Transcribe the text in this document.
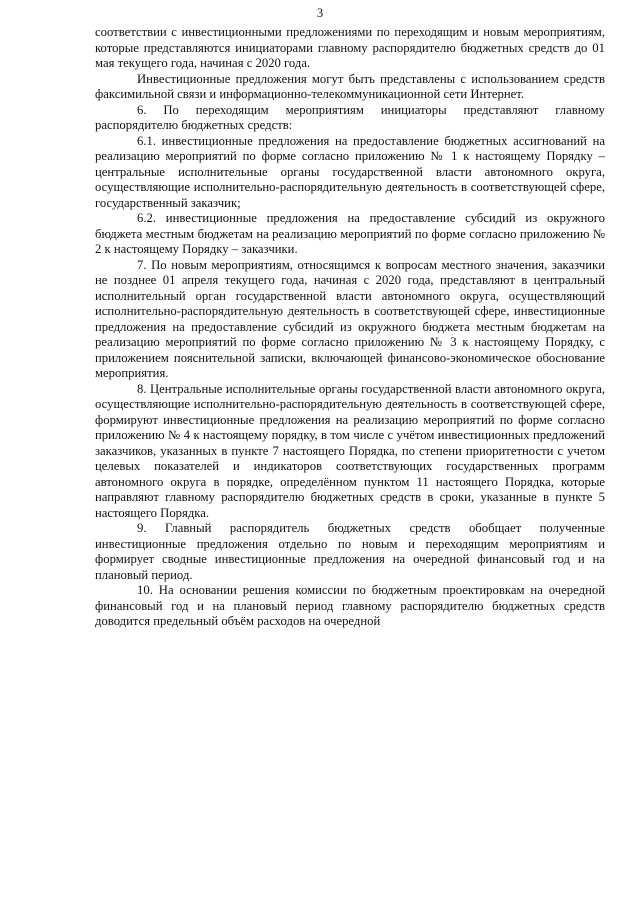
3

соответствии с инвестиционными предложениями по переходящим и новым мероприятиям, которые представляются инициаторами главному распорядителю бюджетных средств до 01 мая текущего года, начиная с 2020 года.

Инвестиционные предложения могут быть представлены с использованием средств факсимильной связи и информационно-телекоммуникационной сети Интернет.

6. По переходящим мероприятиям инициаторы представляют главному распорядителю бюджетных средств:

6.1. инвестиционные предложения на предоставление бюджетных ассигнований на реализацию мероприятий по форме согласно приложению № 1 к настоящему Порядку – центральные исполнительные органы государственной власти автономного округа, осуществляющие исполнительно-распорядительную деятельность в соответствующей сфере, государственный заказчик;

6.2. инвестиционные предложения на предоставление субсидий из окружного бюджета местным бюджетам на реализацию мероприятий по форме согласно приложению № 2 к настоящему Порядку – заказчики.

7. По новым мероприятиям, относящимся к вопросам местного значения, заказчики не позднее 01 апреля текущего года, начиная с 2020 года, представляют в центральный исполнительный орган государственной власти автономного округа, осуществляющий исполнительно-распорядительную деятельность в соответствующей сфере, инвестиционные предложения на предоставление субсидий из окружного бюджета местным бюджетам на реализацию мероприятий по форме согласно приложению № 3 к настоящему Порядку, с приложением пояснительной записки, включающей финансово-экономическое обоснование мероприятия.

8. Центральные исполнительные органы государственной власти автономного округа, осуществляющие исполнительно-распорядительную деятельность в соответствующей сфере, формируют инвестиционные предложения на реализацию мероприятий по форме согласно приложению № 4 к настоящему порядку, в том числе с учётом инвестиционных предложений заказчиков, указанных в пункте 7 настоящего Порядка, по степени приоритетности с учетом целевых показателей и индикаторов соответствующих государственных программ автономного округа в порядке, определённом пунктом 11 настоящего Порядка, которые направляют главному распорядителю бюджетных средств в сроки, указанные в пункте 5 настоящего Порядка.

9. Главный распорядитель бюджетных средств обобщает полученные инвестиционные предложения отдельно по новым и переходящим мероприятиям и формирует сводные инвестиционные предложения на очередной финансовый год и на плановый период.

10. На основании решения комиссии по бюджетным проектировкам на очередной финансовый год и на плановый период главному распорядителю бюджетных средств доводится предельный объём расходов на очередной
